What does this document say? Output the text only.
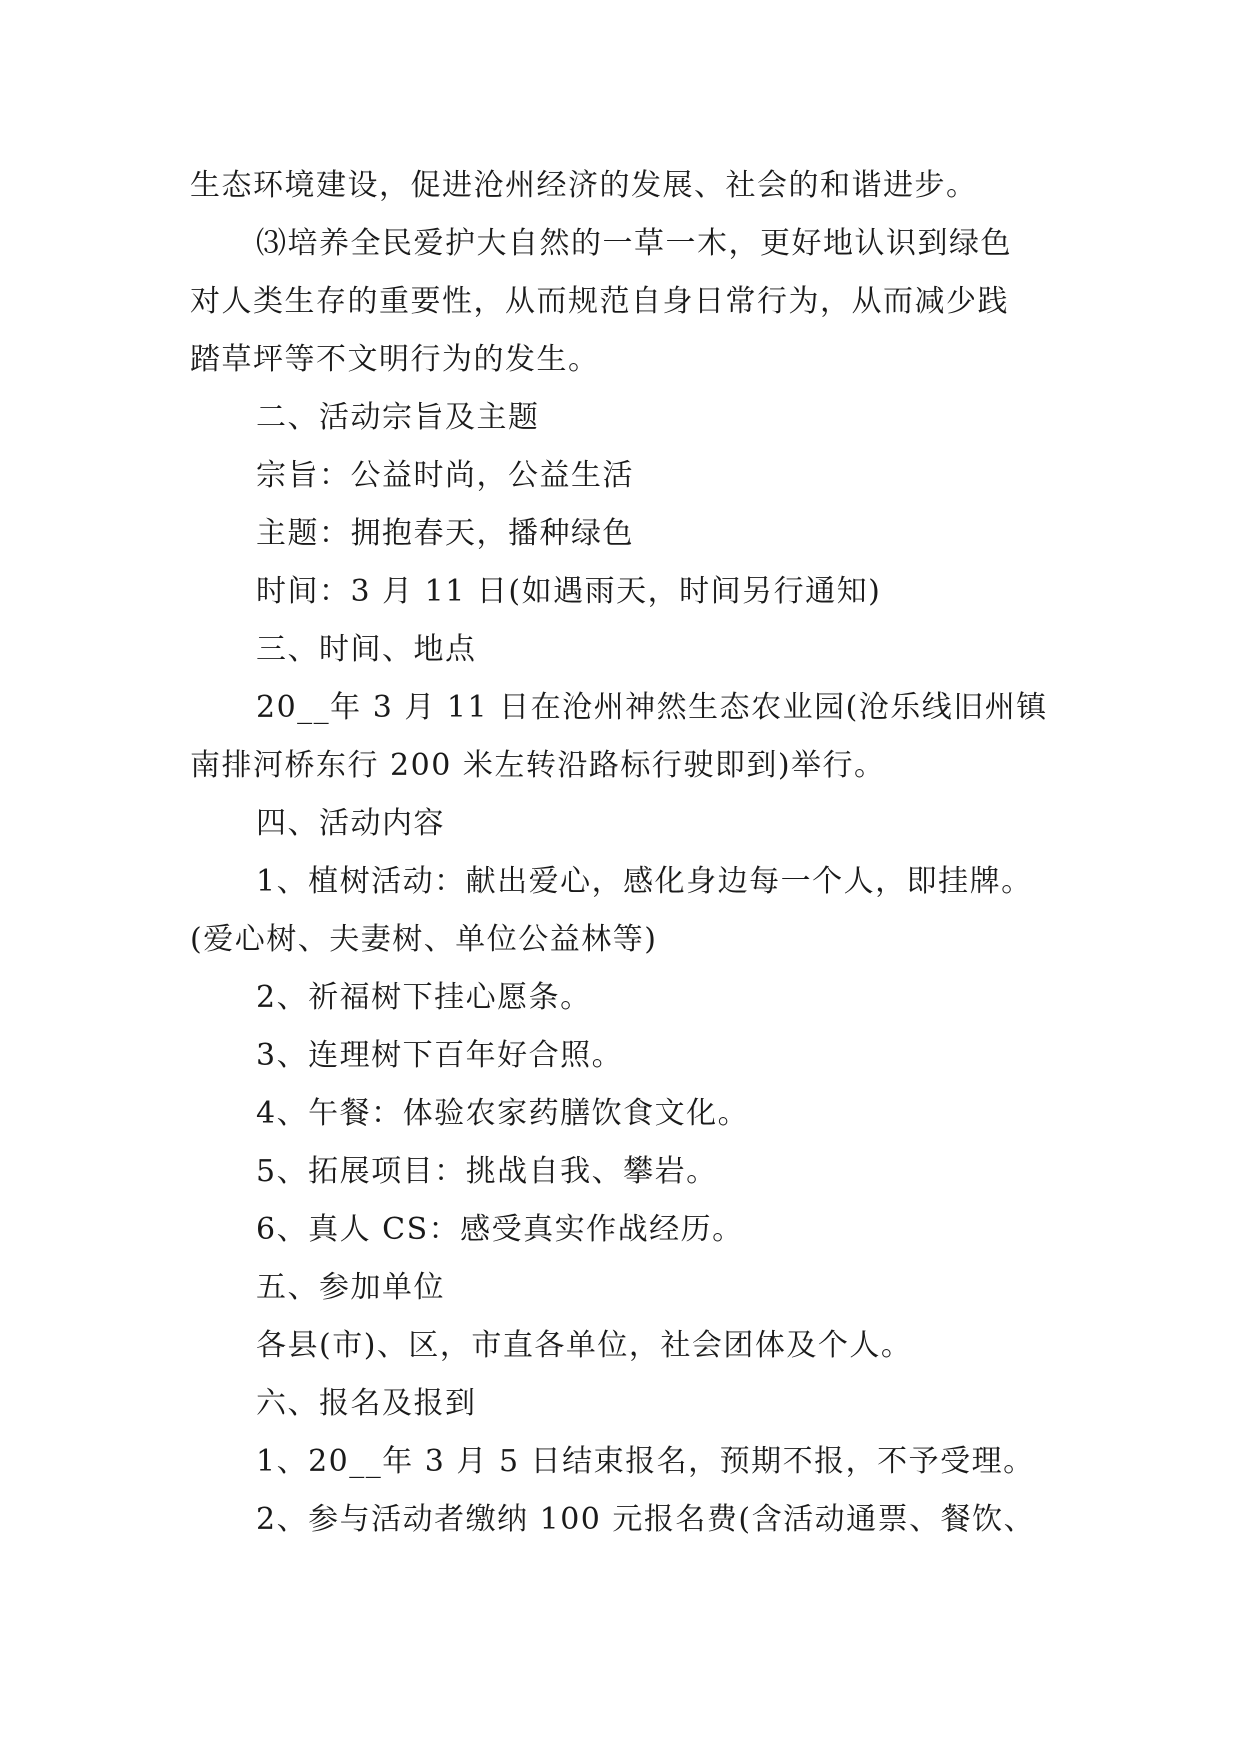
生态环境建设，促进沧州经济的发展、社会的和谐进步。
⑶培养全民爱护大自然的一草一木，更好地认识到绿色
对人类生存的重要性，从而规范自身日常行为，从而减少践
踏草坪等不文明行为的发生。
二、活动宗旨及主题
宗旨：公益时尚，公益生活
主题：拥抱春天，播种绿色
时间：3 月 11 日(如遇雨天，时间另行通知)
三、时间、地点
20__年 3 月 11 日在沧州神然生态农业园(沧乐线旧州镇
南排河桥东行 200 米左转沿路标行驶即到)举行。
四、活动内容
1、植树活动：献出爱心，感化身边每一个人，即挂牌。
(爱心树、夫妻树、单位公益林等)
2、祈福树下挂心愿条。
3、连理树下百年好合照。
4、午餐：体验农家药膳饮食文化。
5、拓展项目：挑战自我、攀岩。
6、真人 CS：感受真实作战经历。
五、参加单位
各县(市)、区，市直各单位，社会团体及个人。
六、报名及报到
1、20__年 3 月 5 日结束报名，预期不报，不予受理。
2、参与活动者缴纳 100 元报名费(含活动通票、餐饮、
